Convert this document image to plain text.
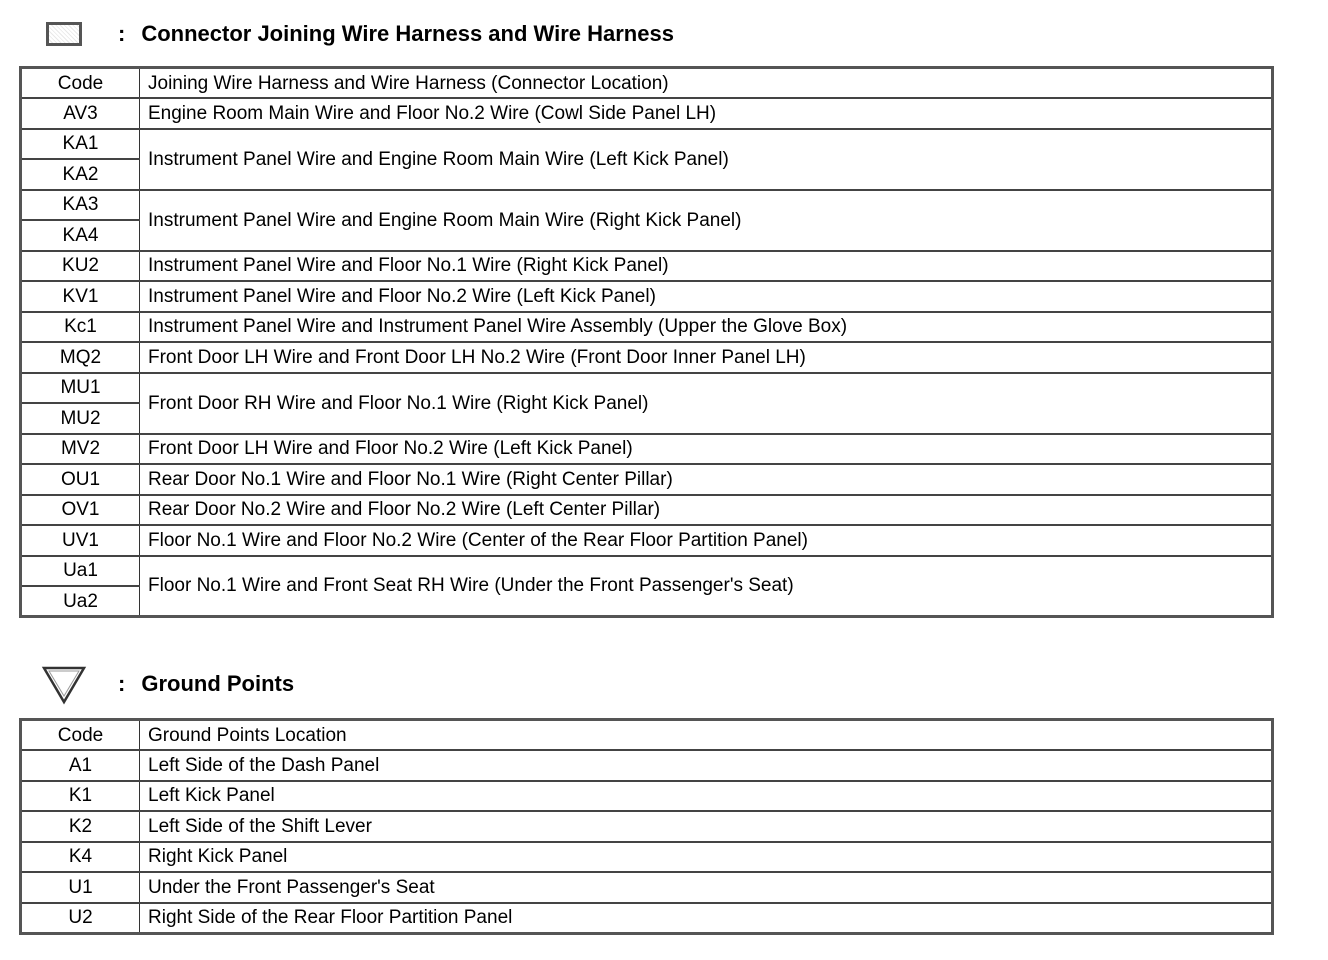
: Connector Joining Wire Harness and Wire Harness
Code	Joining Wire Harness and Wire Harness (Connector Location)
AV3	Engine Room Main Wire and Floor No.2 Wire (Cowl Side Panel LH)
KA1	Instrument Panel Wire and Engine Room Main Wire (Left Kick Panel)
KA2	
KA3	Instrument Panel Wire and Engine Room Main Wire (Right Kick Panel)
KA4	
KU2	Instrument Panel Wire and Floor No.1 Wire (Right Kick Panel)
KV1	Instrument Panel Wire and Floor No.2 Wire (Left Kick Panel)
Kc1	Instrument Panel Wire and Instrument Panel Wire Assembly (Upper the Glove Box)
MQ2	Front Door LH Wire and Front Door LH No.2 Wire (Front Door Inner Panel LH)
MU1	Front Door RH Wire and Floor No.1 Wire (Right Kick Panel)
MU2	
MV2	Front Door LH Wire and Floor No.2 Wire (Left Kick Panel)
OU1	Rear Door No.1 Wire and Floor No.1 Wire (Right Center Pillar)
OV1	Rear Door No.2 Wire and Floor No.2 Wire (Left Center Pillar)
UV1	Floor No.1 Wire and Floor No.2 Wire (Center of the Rear Floor Partition Panel)
Ua1	Floor No.1 Wire and Front Seat RH Wire (Under the Front Passenger's Seat)
Ua2	
: Ground Points
Code	Ground Points Location
A1	Left Side of the Dash Panel
K1	Left Kick Panel
K2	Left Side of the Shift Lever
K4	Right Kick Panel
U1	Under the Front Passenger's Seat
U2	Right Side of the Rear Floor Partition Panel
